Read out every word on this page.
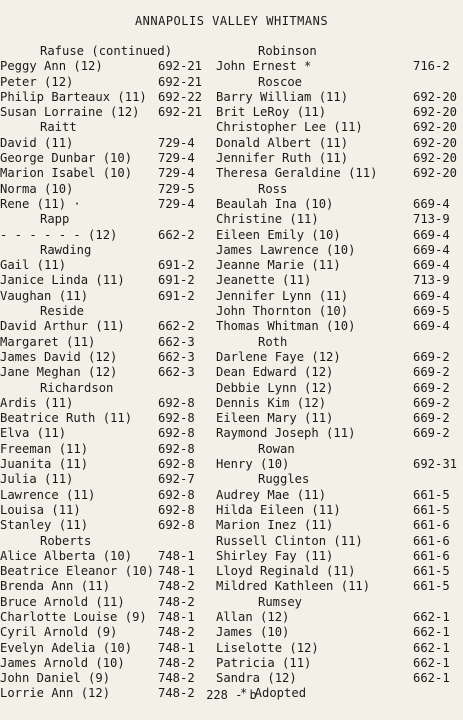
ANNAPOLIS VALLEY WHITMANS
Rafuse (continued)
Peggy Ann (12)	692-21
Peter (12)	692-21
Philip Barteaux (11) 692-22
Susan Lorraine (12) 692-21
Raitt
David (11)	729-4
George Dunbar (10) 729-4
Marion Isabel (10) 729-4
Norma (10)	729-5
Rene (11) ·	729-4
Rapp
- - - - - - (12)	662-2
Rawding
Gail (11)	691-2
Janice Linda (11)	691-2
Vaughan (11)	691-2
Reside
David Arthur (11)	662-2
Margaret (11)	662-3
James David (12)	662-3
Jane Meghan (12)	662-3
Richardson
Ardis (11)	692-8
Beatrice Ruth (11) 692-8
Elva (11)	692-8
Freeman (11)	692-8
Juanita (11)	692-8
Julia (11)	692-7
Lawrence (11)	692-8
Louisa (11)	692-8
Stanley (11)	692-8
Roberts
Alice Alberta (10) 748-1
Beatrice Eleanor (10) 748-1
Brenda Ann (11)	748-2
Bruce Arnold (11)	748-2
Charlotte Louise (9) 748-1
Cyril Arnold (9)	748-2
Evelyn Adelia (10) 748-1
James Arnold (10)	748-2
John Daniel (9)	748-2
Lorrie Ann (12)	748-2
Robinson
John Ernest *	716-2
Roscoe
Barry William (11)	692-20
Brit LeRoy (11)	692-20
Christopher Lee (11)	692-20
Donald Albert (11)	692-20
Jennifer Ruth (11)	692-20
Theresa Geraldine (11)	692-20
Ross
Beaulah Ina (10)	669-4
Christine (11)	713-9
Eileen Emily (10)	669-4
James Lawrence (10)	669-4
Jeanne Marie (11)	669-4
Jeanette (11)	713-9
Jennifer Lynn (11)	669-4
John Thornton (10)	669-5
Thomas Whitman (10)	669-4
Roth
Darlene Faye (12)	669-2
Dean Edward (12)	669-2
Debbie Lynn (12)	669-2
Dennis Kim (12)	669-2
Eileen Mary (11)	669-2
Raymond Joseph (11)	669-2
Rowan
Henry (10)	692-31
Ruggles
Audrey Mae (11)	661-5
Hilda Eileen (11)	661-5
Marion Inez (11)	661-6
Russell Clinton (11)	661-6
Shirley Fay (11)	661-6
Lloyd Reginald (11)	661-5
Mildred Kathleen (11)	661-5
Rumsey
Allan (12)	662-1
James (10)	662-1
Liselotte (12)	662-1
Patricia (11)	662-1
Sandra (12)	662-1
* Adopted
228 - b
